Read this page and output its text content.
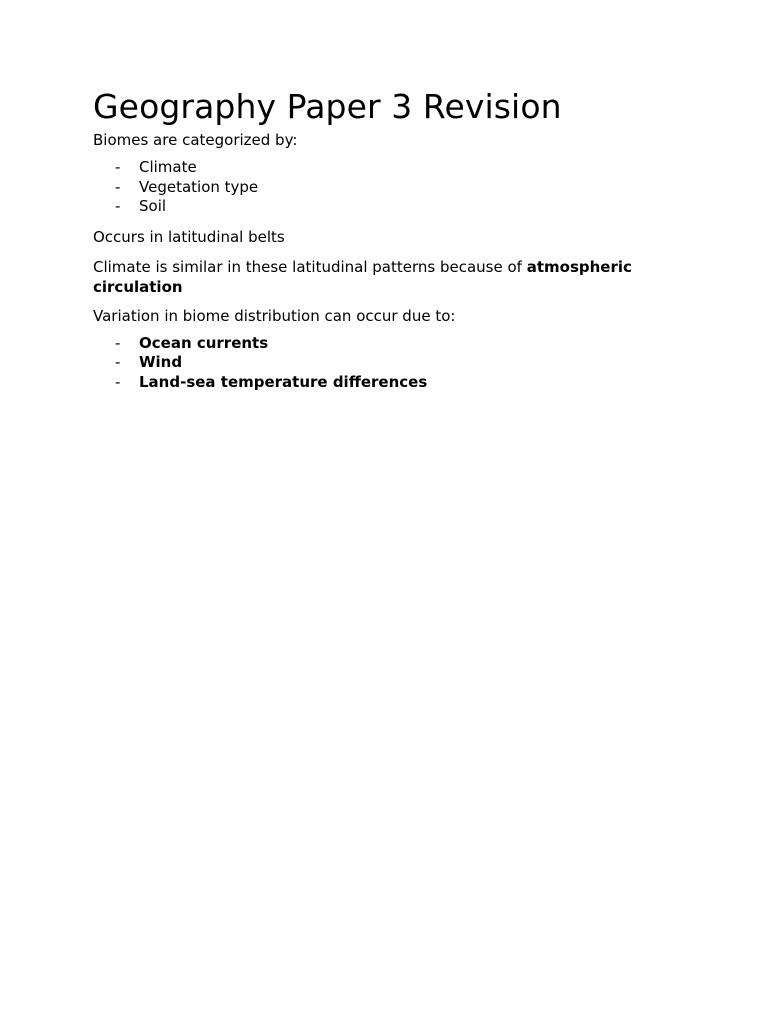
Geography Paper 3 Revision

Biomes are categorized by:

- Climate
- Vegetation type
- Soil

Occurs in latitudinal belts

Climate is similar in these latitudinal patterns because of atmospheric circulation

Variation in biome distribution can occur due to:

- Ocean currents
- Wind
- Land-sea temperature differences
